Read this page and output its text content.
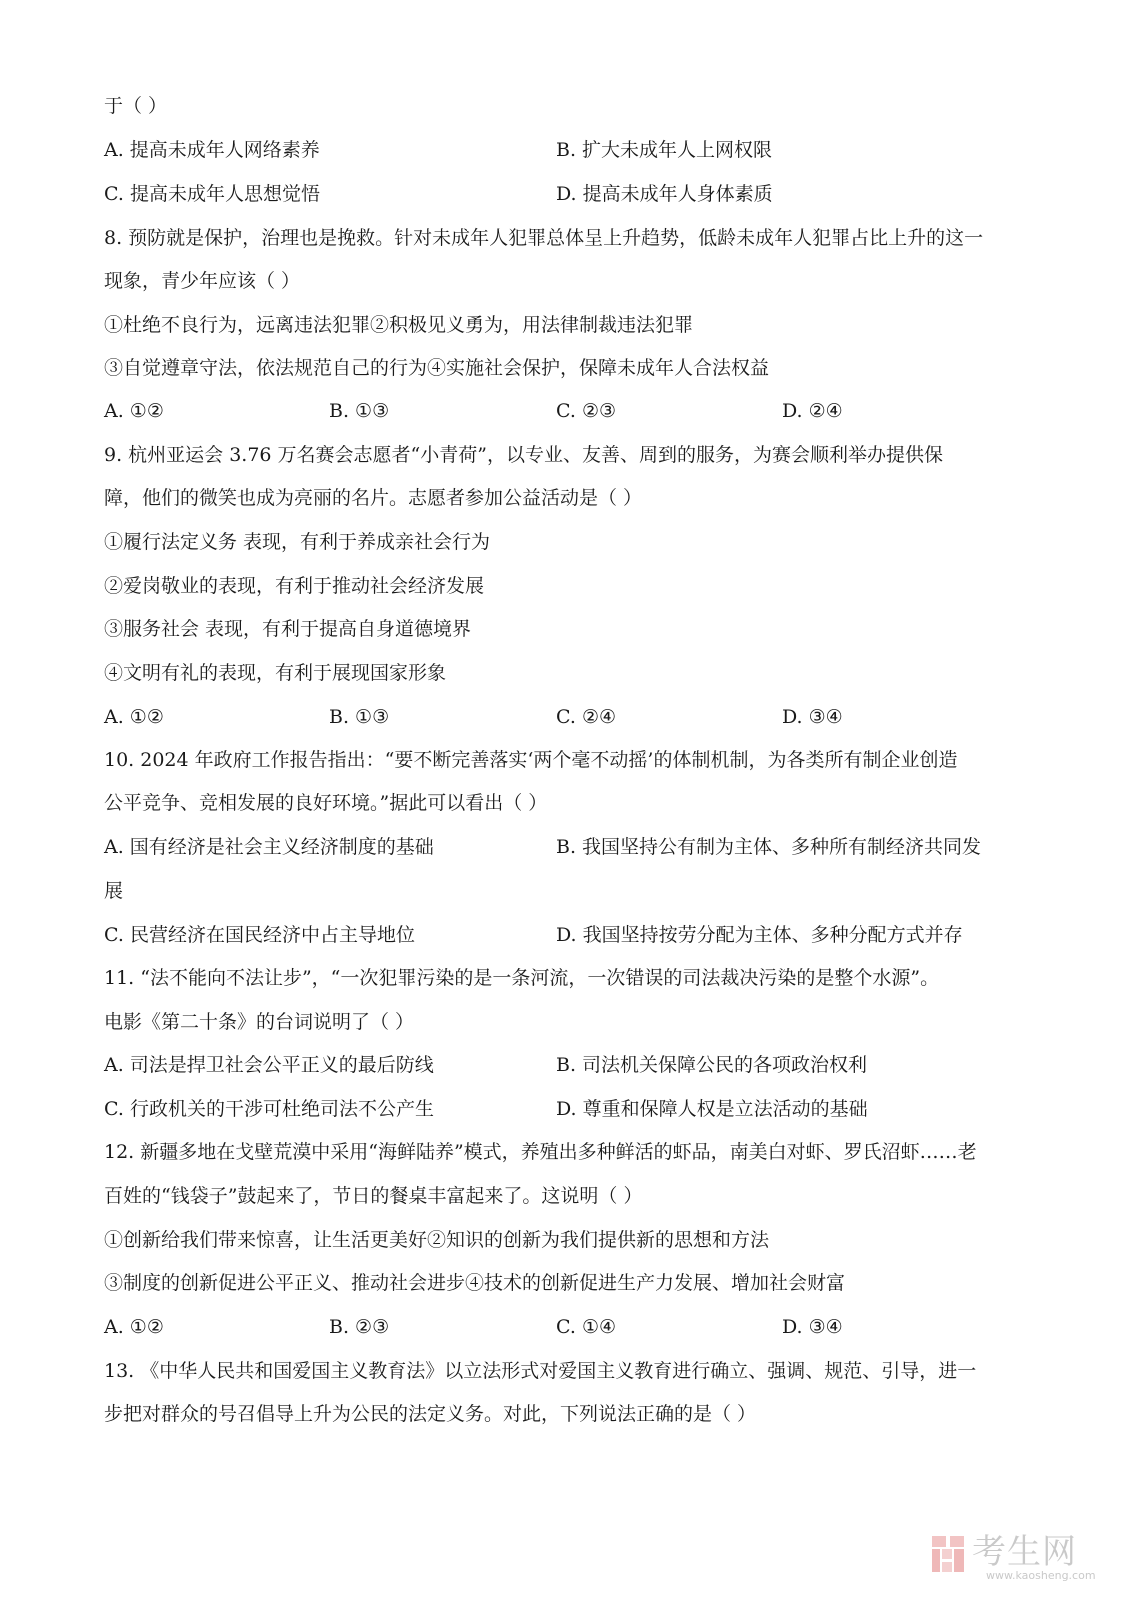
于（ ）
A. 提高未成年人网络素养	B. 扩大未成年人上网权限
C. 提高未成年人思想觉悟	D. 提高未成年人身体素质
8. 预防就是保护，治理也是挽救。针对未成年人犯罪总体呈上升趋势，低龄未成年人犯罪占比上升的这一
现象，青少年应该（ ）
①杜绝不良行为，远离违法犯罪②积极见义勇为，用法律制裁违法犯罪
③自觉遵章守法，依法规范自己的行为④实施社会保护，保障未成年人合法权益
A. ①②	B. ①③	C. ②③	D. ②④
9. 杭州亚运会 3.76 万名赛会志愿者“小青荷”，以专业、友善、周到的服务，为赛会顺利举办提供保
障，他们的微笑也成为亮丽的名片。志愿者参加公益活动是（ ）
①履行法定义务 表现，有利于养成亲社会行为
②爱岗敬业的表现，有利于推动社会经济发展
③服务社会 表现，有利于提高自身道德境界
④文明有礼的表现，有利于展现国家形象
A. ①②	B. ①③	C. ②④	D. ③④
10. 2024 年政府工作报告指出：“要不断完善落实‘两个毫不动摇’的体制机制，为各类所有制企业创造
公平竞争、竞相发展的良好环境。”据此可以看出（ ）
A. 国有经济是社会主义经济制度的基础	B. 我国坚持公有制为主体、多种所有制经济共同发
展
C. 民营经济在国民经济中占主导地位	D. 我国坚持按劳分配为主体、多种分配方式并存
11. “法不能向不法让步”，“一次犯罪污染的是一条河流，一次错误的司法裁决污染的是整个水源”。
电影《第二十条》的台词说明了（ ）
A. 司法是捍卫社会公平正义的最后防线	B. 司法机关保障公民的各项政治权利
C. 行政机关的干涉可杜绝司法不公产生	D. 尊重和保障人权是立法活动的基础
12. 新疆多地在戈壁荒漠中采用“海鲜陆养”模式，养殖出多种鲜活的虾品，南美白对虾、罗氏沼虾……老
百姓的“钱袋子”鼓起来了，节日的餐桌丰富起来了。这说明（ ）
①创新给我们带来惊喜，让生活更美好②知识的创新为我们提供新的思想和方法
③制度的创新促进公平正义、推动社会进步④技术的创新促进生产力发展、增加社会财富
A. ①②	B. ②③	C. ①④	D. ③④
13. 《中华人民共和国爱国主义教育法》以立法形式对爱国主义教育进行确立、强调、规范、引导，进一
步把对群众的号召倡导上升为公民的法定义务。对此，下列说法正确的是（ ）
考生网
www.kaosheng.com
